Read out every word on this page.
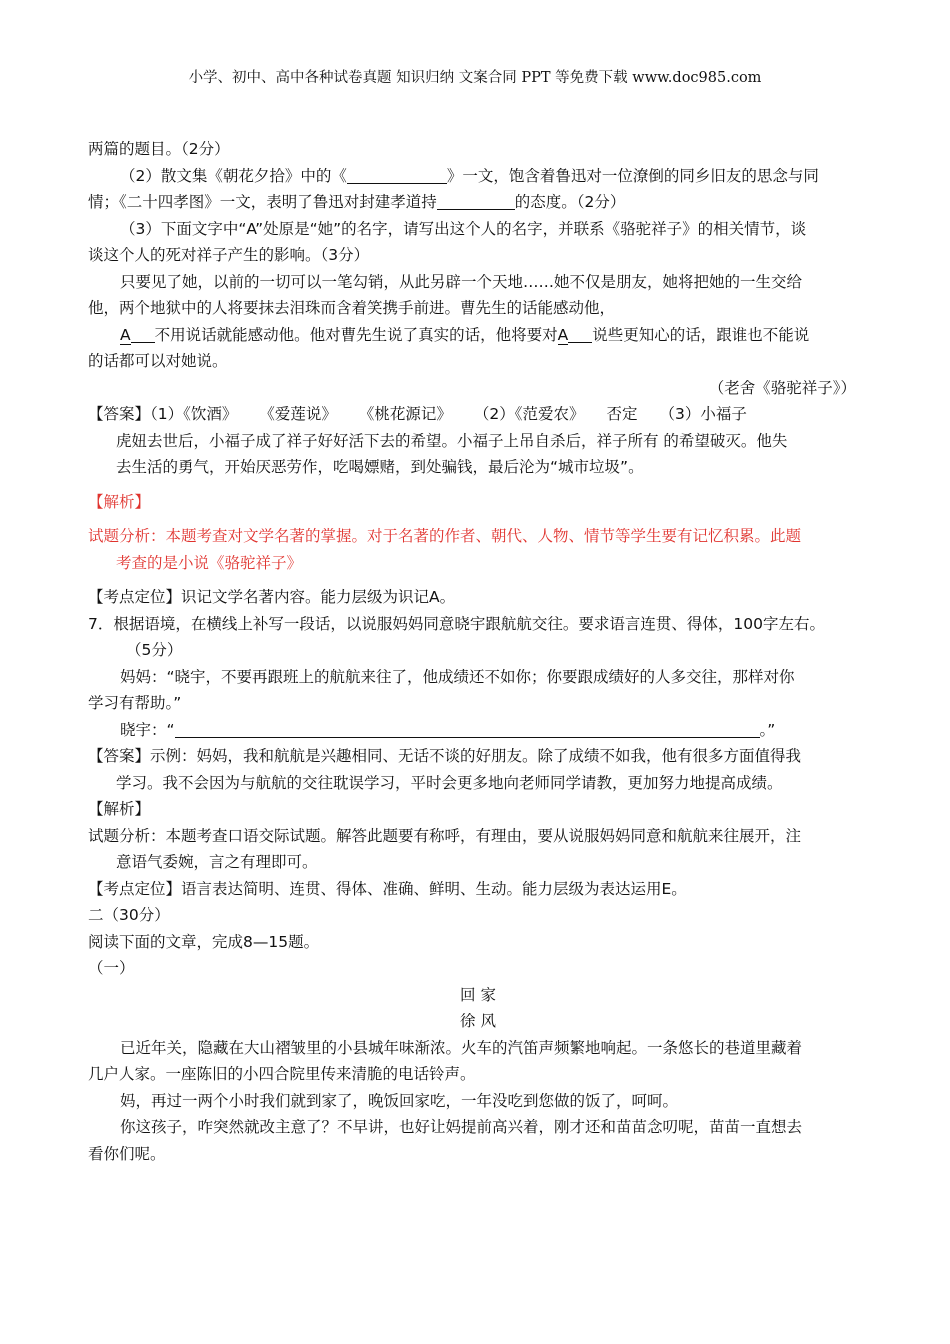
小学、初中、高中各种试卷真题 知识归纳 文案合同 PPT 等免费下载 www.doc985.com
两篇的题目。（2分）
（2）散文集《朝花夕拾》中的《	》一文，饱含着鲁迅对一位潦倒的同乡旧友的思念与同
情；《二十四孝图》一文，表明了鲁迅对封建孝道持	的态度。（2分）
（3）下面文字中“A”处原是“她”的名字，请写出这个人的名字，并联系《骆驼祥子》的相关情节，谈
谈这个人的死对祥子产生的影响。（3分）
只要见了她，以前的一切可以一笔勾销，从此另辟一个天地……她不仅是朋友，她将把她的一生交给
他，两个地狱中的人将要抹去泪珠而含着笑携手前进。曹先生的话能感动他，
A 不用说话就能感动他。他对曹先生说了真实的话，他将要对A 说些更知心的话，跟谁也不能说
的话都可以对她说。
（老舍《骆驼祥子》）
【答案】（1）《饮酒》 《爱莲说》 《桃花源记》 （2）《范爱农》 否定 （3）小福子
虎妞去世后，小福子成了祥子好好活下去的希望。小福子上吊自杀后，祥子所有 的希望破灭。他失
去生活的勇气，开始厌恶劳作，吃喝嫖赌，到处骗钱，最后沦为“城市垃圾”。
【解析】
试题分析：本题考查对文学名著的掌握。对于名著的作者、朝代、人物、情节等学生要有记忆积累。此题
考查的是小说《骆驼祥子》
【考点定位】识记文学名著内容。能力层级为识记A。
7．根据语境，在横线上补写一段话，以说服妈妈同意晓宇跟航航交往。要求语言连贯、得体，100字左右。
（5分）
妈妈：“晓宇，不要再跟班上的航航来往了，他成绩还不如你；你要跟成绩好的人多交往，那样对你
学习有帮助。”
晓宇：“	。”
【答案】示例：妈妈，我和航航是兴趣相同、无话不谈的好朋友。除了成绩不如我，他有很多方面值得我
学习。我不会因为与航航的交往耽误学习，平时会更多地向老师同学请教，更加努力地提高成绩。
【解析】
试题分析：本题考查口语交际试题。解答此题要有称呼，有理由，要从说服妈妈同意和航航来往展开，注
意语气委婉，言之有理即可。
【考点定位】语言表达简明、连贯、得体、准确、鲜明、生动。能力层级为表达运用E。
二（30分）
阅读下面的文章，完成8—15题。
（一）
回 家
徐 风
已近年关，隐藏在大山褶皱里的小县城年味渐浓。火车的汽笛声频繁地响起。一条悠长的巷道里藏着
几户人家。一座陈旧的小四合院里传来清脆的电话铃声。
妈，再过一两个小时我们就到家了，晚饭回家吃，一年没吃到您做的饭了，呵呵。
你这孩子，咋突然就改主意了？不早讲，也好让妈提前高兴着，刚才还和苗苗念叨呢，苗苗一直想去
看你们呢。
